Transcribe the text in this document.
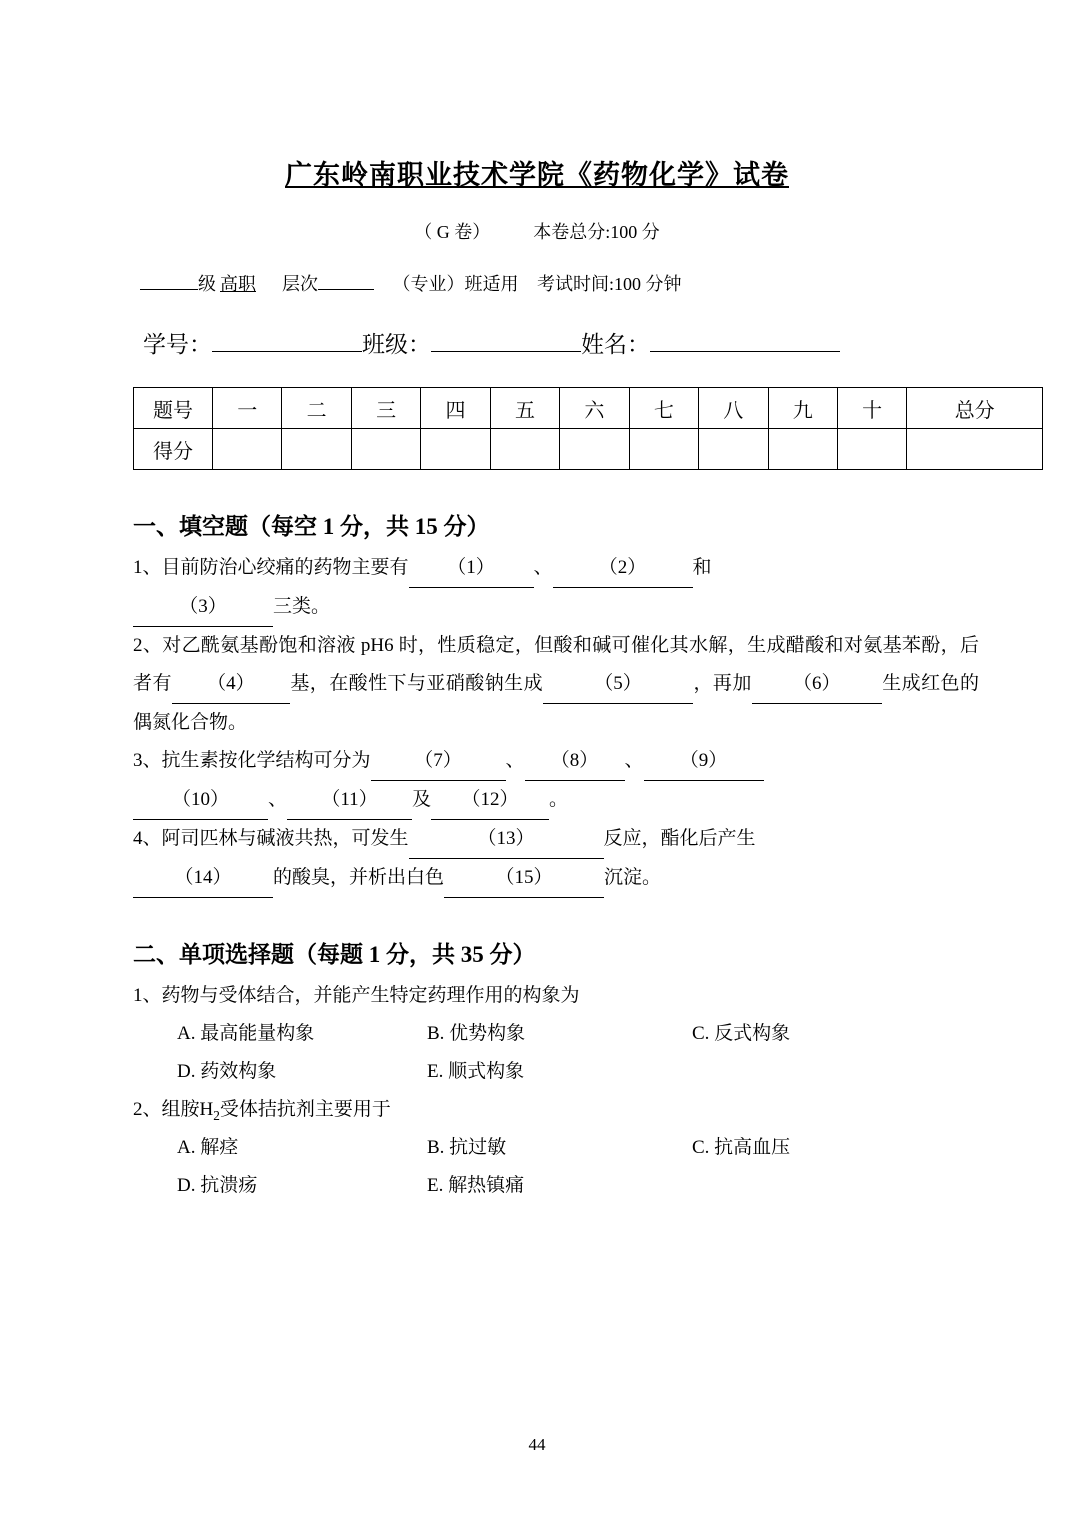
广东岭南职业技术学院《药物化学》试卷
（ G 卷） 本卷总分:100 分
级 高职 层次	（专业）班适用 考试时间:100 分钟
学号：	班级：	姓名：
题号	一	二	三	四	五	六	七	八	九	十	总分
得分											
一、填空题（每空 1 分，共 15 分）
1、目前防治心绞痛的药物主要有 （1） 、 （2） 和
（3） 三类。
2、对乙酰氨基酚饱和溶液 pH6 时，性质稳定，但酸和碱可催化其水解，生成醋酸和对氨基苯酚，后者有 （4） 基，在酸性下与亚硝酸钠生成	（5）	，再加 （6） 生成红色的偶氮化合物。
3、抗生素按化学结构可分为 （7） 、 （8） 、 （9）
（10） 、 （11） 及 （12） 。
4、阿司匹林与碱液共热，可发生	（13）	反应，酯化后产生
（14） 的酸臭，并析出白色	（15）	沉淀。
二、单项选择题（每题 1 分，共 35 分）
1、药物与受体结合，并能产生特定药理作用的构象为
A. 最高能量构象	B. 优势构象	C. 反式构象
D. 药效构象	E. 顺式构象
2、组胺$H_2$受体拮抗剂主要用于
A. 解痉	B. 抗过敏	C. 抗高血压
D. 抗溃疡	E. 解热镇痛
44
